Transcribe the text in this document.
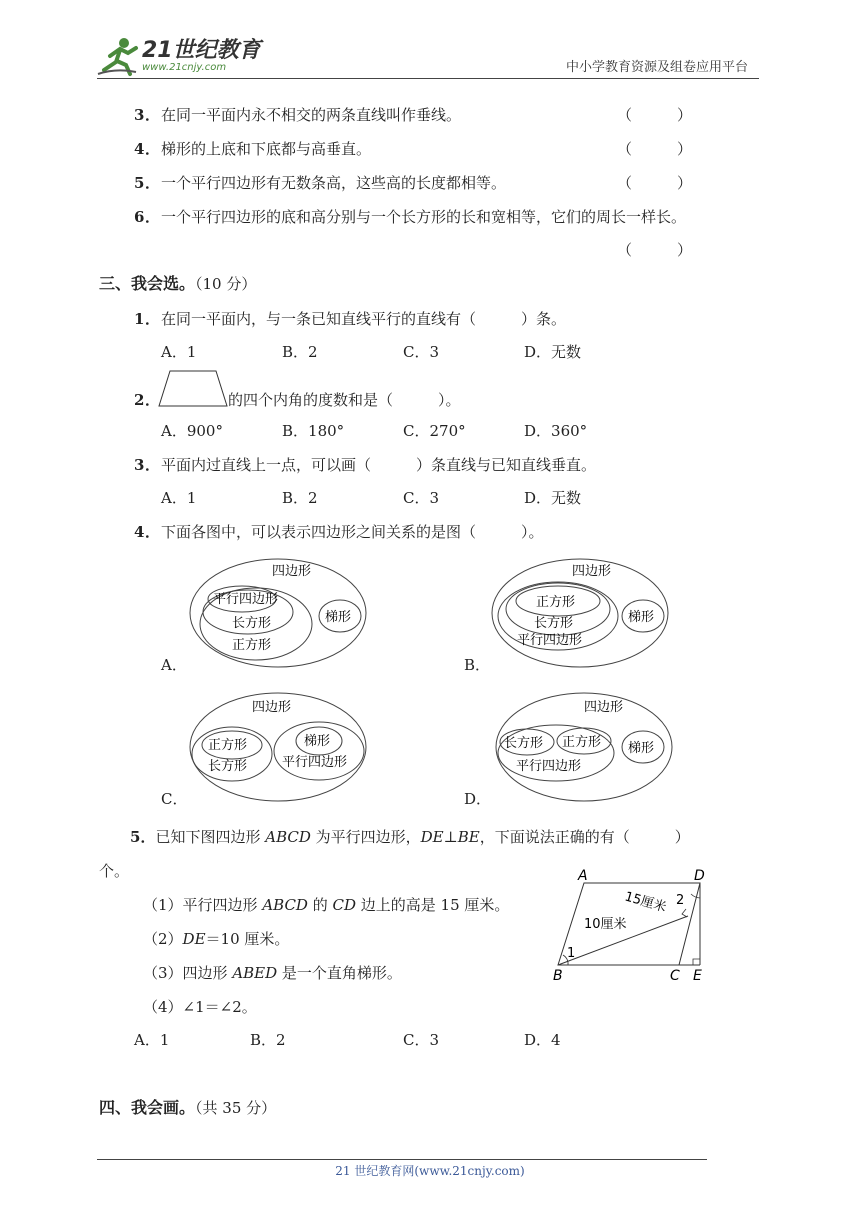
21世纪教育
www.21cnjy.com	中小学教育资源及组卷应用平台
3 ． 在同一平面内永不相交的两条直线叫作垂线。	（　　　）
4 ． 梯形的上底和下底都与高垂直。	（　　　）
5 ． 一个平行四边形有无数条高，这些高的长度都相等。	（　　　）
6 ． 一个平行四边形的底和高分别与一个长方形的长和宽相等，它们的周长一样长。
（　　　）
三、我会选。（10 分）
1 ． 在同一平面内，与一条已知直线平行的直线有（　　　）条。
A．1	B．2	C．3	D．无数
2 ．	的四个内角的度数和是（　　　）。
A．900°	B．180°	C．270°	D．360°
3 ． 平面内过直线上一点，可以画（　　　）条直线与已知直线垂直。
A．1	B．2	C．3	D．无数
4 ． 下面各图中，可以表示四边形之间关系的是图（　　　）。
四边形
平行四边形
长方形
正方形
梯形
A．
四边形
正方形
长方形
平行四边形
梯形
B．
四边形
正方形
长方形
梯形
平行四边形
C．
四边形
长方形 正方形
平行四边形
梯形
D．
5．已知下图四边形 ABCD 为平行四边形，DE⊥BE，下面说法正确的有（　　　）
个。
（1）平行四边形 ABCD 的 CD 边上的高是 15 厘米。
（2）DE＝10 厘米。
（3）四边形 ABED 是一个直角梯形。
（4）∠1＝∠2。
A	D
B	C E
15厘米
10厘米
1
2
A．1	B．2	C．3	D．4
四、我会画。（共 35 分）
21 世纪教育网(www.21cnjy.com)
